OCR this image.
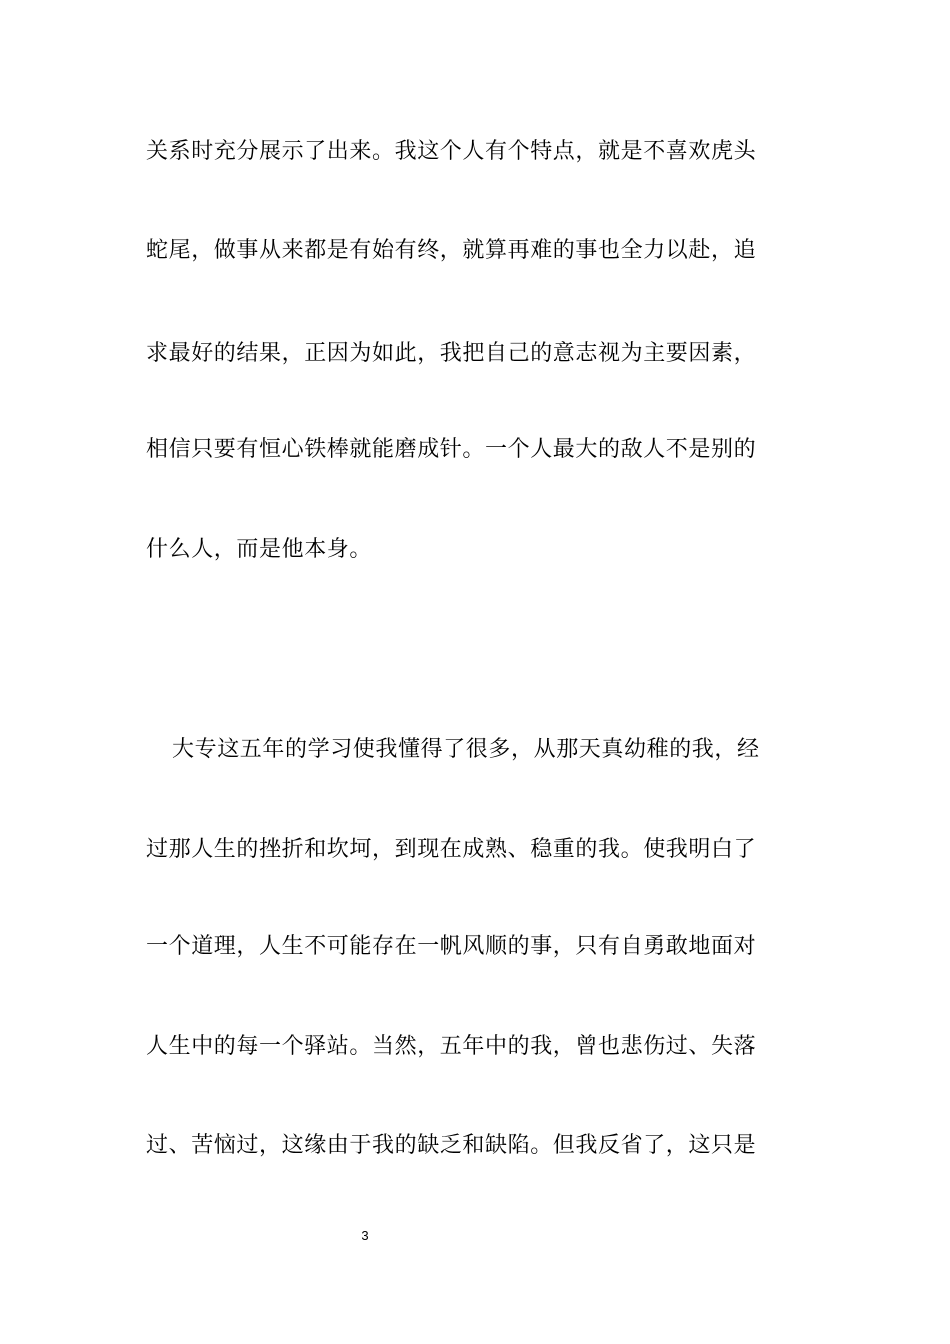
关系时充分展示了出来。我这个人有个特点，就是不喜欢虎头
蛇尾，做事从来都是有始有终，就算再难的事也全力以赴，追
求最好的结果，正因为如此，我把自己的意志视为主要因素，
相信只要有恒心铁棒就能磨成针。一个人最大的敌人不是别的
什么人，而是他本身。
大专这五年的学习使我懂得了很多，从那天真幼稚的我，经
过那人生的挫折和坎坷，到现在成熟、稳重的我。使我明白了
一个道理，人生不可能存在一帆风顺的事，只有自勇敢地面对
人生中的每一个驿站。当然，五年中的我，曾也悲伤过、失落
过、苦恼过，这缘由于我的缺乏和缺陷。但我反省了，这只是
3
